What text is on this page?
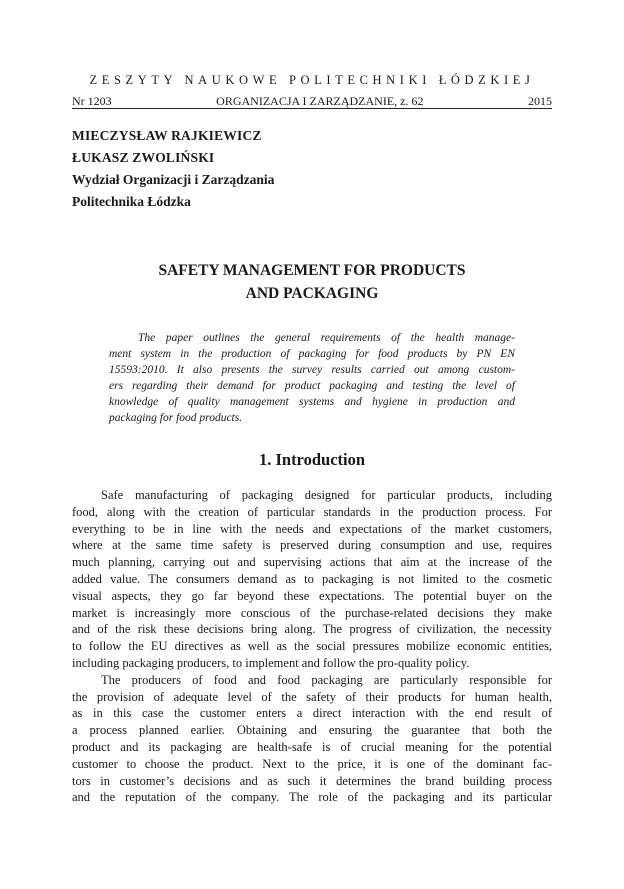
ZESZYTY NAUKOWE POLITECHNIKI ŁÓDZKIEJ
Nr 1203	ORGANIZACJA I ZARZĄDZANIE, z. 62	2015
MIECZYSŁAW RAJKIEWICZ
ŁUKASZ ZWOLIŃSKI
Wydział Organizacji i Zarządzania
Politechnika Łódzka
SAFETY MANAGEMENT FOR PRODUCTS
AND PACKAGING
The paper outlines the general requirements of the health manage-
ment system in the production of packaging for food products by PN EN
15593:2010. It also presents the survey results carried out among custom-
ers regarding their demand for product packaging and testing the level of
knowledge of quality management systems and hygiene in production and
packaging for food products.
1. Introduction
Safe manufacturing of packaging designed for particular products, including
food, along with the creation of particular standards in the production process. For
everything to be in line with the needs and expectations of the market customers,
where at the same time safety is preserved during consumption and use, requires
much planning, carrying out and supervising actions that aim at the increase of the
added value. The consumers demand as to packaging is not limited to the cosmetic
visual aspects, they go far beyond these expectations. The potential buyer on the
market is increasingly more conscious of the purchase-related decisions they make
and of the risk these decisions bring along. The progress of civilization, the necessity
to follow the EU directives as well as the social pressures mobilize economic entities,
including packaging producers, to implement and follow the pro-quality policy.
The producers of food and food packaging are particularly responsible for
the provision of adequate level of the safety of their products for human health,
as in this case the customer enters a direct interaction with the end result of
a process planned earlier. Obtaining and ensuring the guarantee that both the
product and its packaging are health-safe is of crucial meaning for the potential
customer to choose the product. Next to the price, it is one of the dominant fac-
tors in customer’s decisions and as such it determines the brand building process
and the reputation of the company. The role of the packaging and its particular
